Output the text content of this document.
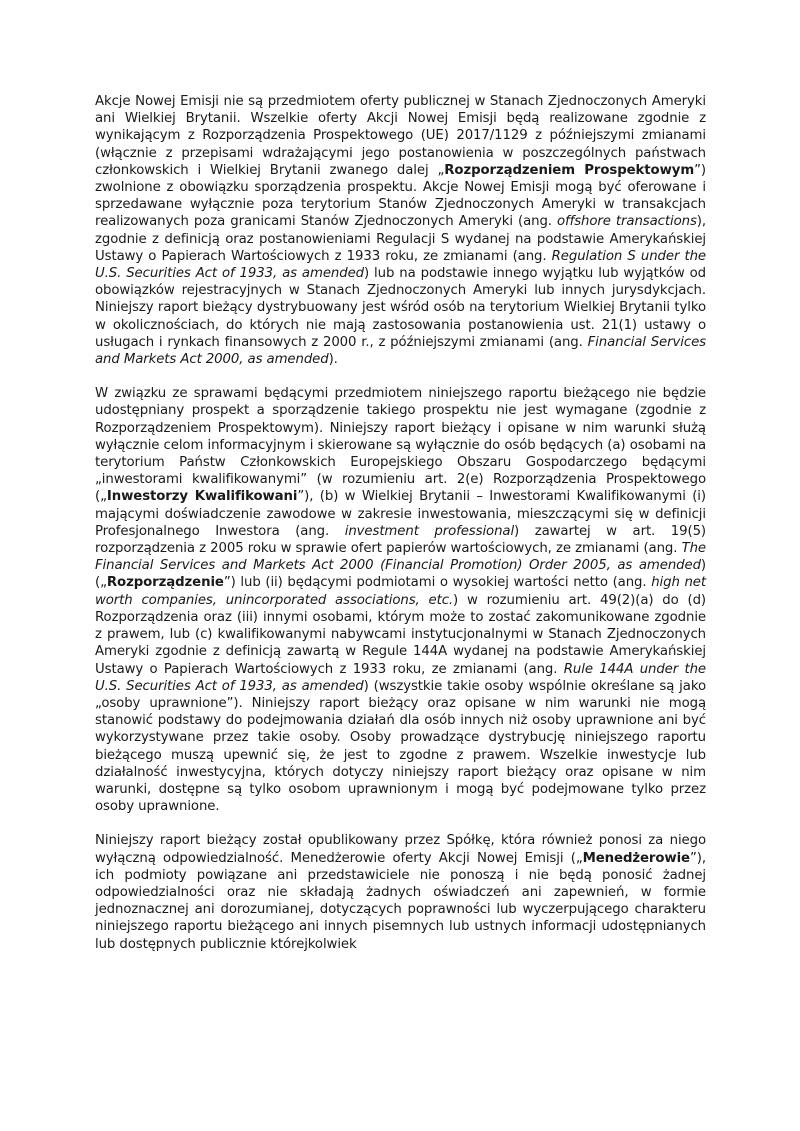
Akcje Nowej Emisji nie są przedmiotem oferty publicznej w Stanach Zjednoczonych Ameryki ani Wielkiej Brytanii. Wszelkie oferty Akcji Nowej Emisji będą realizowane zgodnie z wynikającym z Rozporządzenia Prospektowego (UE) 2017/1129 z późniejszymi zmianami (włącznie z przepisami wdrażającymi jego postanowienia w poszczególnych państwach członkowskich i Wielkiej Brytanii zwanego dalej „Rozporządzeniem Prospektowym”) zwolnione z obowiązku sporządzenia prospektu. Akcje Nowej Emisji mogą być oferowane i sprzedawane wyłącznie poza terytorium Stanów Zjednoczonych Ameryki w transakcjach realizowanych poza granicami Stanów Zjednoczonych Ameryki (ang. offshore transactions), zgodnie z definicją oraz postanowieniami Regulacji S wydanej na podstawie Amerykańskiej Ustawy o Papierach Wartościowych z 1933 roku, ze zmianami (ang. Regulation S under the U.S. Securities Act of 1933, as amended) lub na podstawie innego wyjątku lub wyjątków od obowiązków rejestracyjnych w Stanach Zjednoczonych Ameryki lub innych jurysdykcjach. Niniejszy raport bieżący dystrybuowany jest wśród osób na terytorium Wielkiej Brytanii tylko w okolicznościach, do których nie mają zastosowania postanowienia ust. 21(1) ustawy o usługach i rynkach finansowych z 2000 r., z późniejszymi zmianami (ang. Financial Services and Markets Act 2000, as amended).

W związku ze sprawami będącymi przedmiotem niniejszego raportu bieżącego nie będzie udostępniany prospekt a sporządzenie takiego prospektu nie jest wymagane (zgodnie z Rozporządzeniem Prospektowym). Niniejszy raport bieżący i opisane w nim warunki służą wyłącznie celom informacyjnym i skierowane są wyłącznie do osób będących (a) osobami na terytorium Państw Członkowskich Europejskiego Obszaru Gospodarczego będącymi „inwestorami kwalifikowanymi” (w rozumieniu art. 2(e) Rozporządzenia Prospektowego („Inwestorzy Kwalifikowani”), (b) w Wielkiej Brytanii – Inwestorami Kwalifikowanymi (i) mającymi doświadczenie zawodowe w zakresie inwestowania, mieszczącymi się w definicji Profesjonalnego Inwestora (ang. investment professional) zawartej w art. 19(5) rozporządzenia z 2005 roku w sprawie ofert papierów wartościowych, ze zmianami (ang. The Financial Services and Markets Act 2000 (Financial Promotion) Order 2005, as amended) („Rozporządzenie”) lub (ii) będącymi podmiotami o wysokiej wartości netto (ang. high net worth companies, unincorporated associations, etc.) w rozumieniu art. 49(2)(a) do (d) Rozporządzenia oraz (iii) innymi osobami, którym może to zostać zakomunikowane zgodnie z prawem, lub (c) kwalifikowanymi nabywcami instytucjonalnymi w Stanach Zjednoczonych Ameryki zgodnie z definicją zawartą w Regule 144A wydanej na podstawie Amerykańskiej Ustawy o Papierach Wartościowych z 1933 roku, ze zmianami (ang. Rule 144A under the U.S. Securities Act of 1933, as amended) (wszystkie takie osoby wspólnie określane są jako „osoby uprawnione”). Niniejszy raport bieżący oraz opisane w nim warunki nie mogą stanowić podstawy do podejmowania działań dla osób innych niż osoby uprawnione ani być wykorzystywane przez takie osoby. Osoby prowadzące dystrybucję niniejszego raportu bieżącego muszą upewnić się, że jest to zgodne z prawem. Wszelkie inwestycje lub działalność inwestycyjna, których dotyczy niniejszy raport bieżący oraz opisane w nim warunki, dostępne są tylko osobom uprawnionym i mogą być podejmowane tylko przez osoby uprawnione.

Niniejszy raport bieżący został opublikowany przez Spółkę, która również ponosi za niego wyłączną odpowiedzialność. Menedżerowie oferty Akcji Nowej Emisji („Menedżerowie”), ich podmioty powiązane ani przedstawiciele nie ponoszą i nie będą ponosić żadnej odpowiedzialności oraz nie składają żadnych oświadczeń ani zapewnień, w formie jednoznacznej ani dorozumianej, dotyczących poprawności lub wyczerpującego charakteru niniejszego raportu bieżącego ani innych pisemnych lub ustnych informacji udostępnianych lub dostępnych publicznie którejkolwiek
